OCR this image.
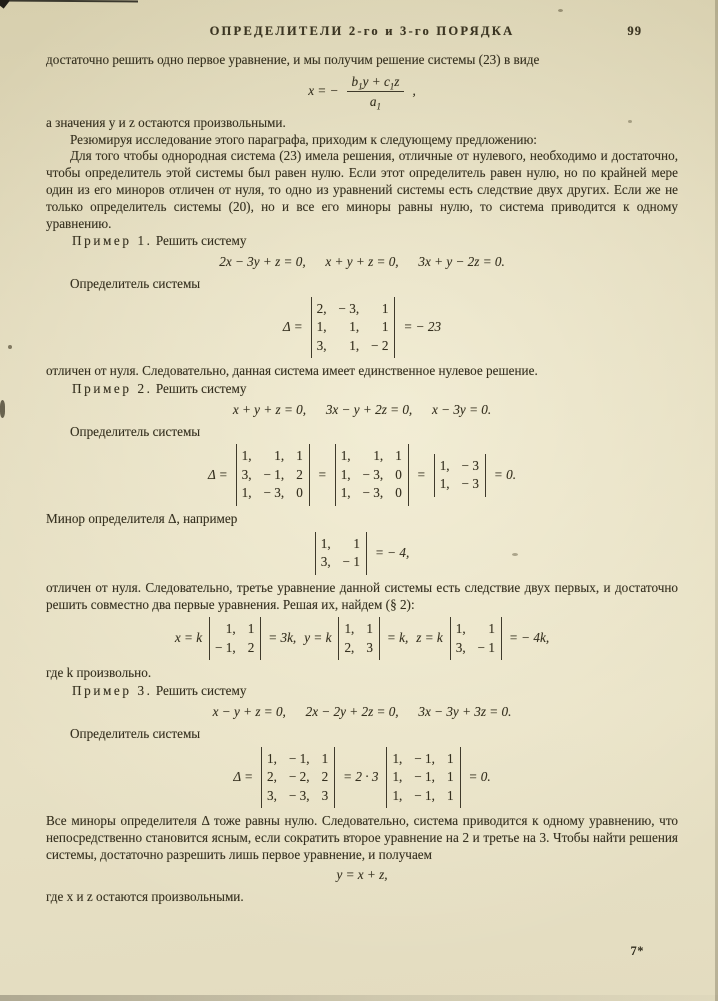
ОПРЕДЕЛИТЕЛИ 2-го и 3-го ПОРЯДКА	99

достаточно решить одно первое уравнение, и мы получим решение системы (23) в виде

x = − $\frac{b_1y + c_1z}{a_1}$ ,

а значения y и z остаются произвольными.

Резюмируя исследование этого параграфа, приходим к следующему предложению:

Для того чтобы однородная система (23) имела решения, отличные от нулевого, необходимо и достаточно, чтобы определитель этой системы был равен нулю. Если этот определитель равен нулю, но по крайней мере один из его миноров отличен от нуля, то одно из уравнений системы есть следствие двух других. Если же не только определитель системы (20), но и все его миноры равны нулю, то система приводится к одному уравнению.

Пример 1. Решить систему

2x − 3y + z = 0,  x + y + z = 0,  3x + y − 2z = 0.

Определитель системы

Δ =
2, − 3,	1
1,	1,	1
3,	1, − 2
= − 23

отличен от нуля. Следовательно, данная система имеет единственное нулевое решение.

Пример 2. Решить систему

x + y + z = 0,  3x − y + 2z = 0,  x − 3y = 0.

Определитель системы

Δ =
1,	1, 1
3, − 1, 2
1, − 3, 0
=
1,	1, 1
1, − 3, 0
1, − 3, 0
=
1, − 3
1, − 3
= 0.

Минор определителя Δ, например

1,	1
3, − 1
= − 4,

отличен от нуля. Следовательно, третье уравнение данной системы есть следствие двух первых, и достаточно решить совместно два первые уравнения. Решая их, найдем (§ 2):

x = k
1, 1
− 1, 2
= 3k, y = k
1, 1
2, 3
= k, z = k
1,	1
3, − 1
= − 4k,

где k произвольно.

Пример 3. Решить систему

x − y + z = 0,  2x − 2y + 2z = 0,  3x − 3y + 3z = 0.

Определитель системы

Δ =
1, − 1, 1
2, − 2, 2
3, − 3, 3
= 2 · 3
1, − 1, 1
1, − 1, 1
1, − 1, 1
= 0.

Все миноры определителя Δ тоже равны нулю. Следовательно, система приводится к одному уравнению, что непосредственно становится ясным, если сократить второе уравнение на 2 и третье на 3. Чтобы найти решения системы, достаточно разрешить лишь первое уравнение, и получаем

y = x + z,

где x и z остаются произвольными.

7*
